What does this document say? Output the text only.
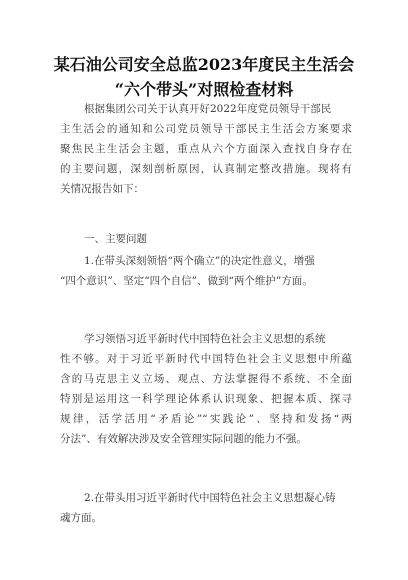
某石油公司安全总监2023年度民主生活会
“六个带头”对照检查材料
根据集团公司关于认真开好2022年度党员领导干部民
主生活会的通知和公司党员领导干部民主生活会方案要求
聚焦民主生活会主题，重点从六个方面深入查找自身存在
的主要问题，深刻剖析原因，认真制定整改措施。现将有
关情况报告如下：
一、主要问题
1.在带头深刻领悟“两个确立”的决定性意义，增强
“四个意识”、坚定“四个自信”、做到“两个维护”方面。
学习领悟习近平新时代中国特色社会主义思想的系统
性不够。对于习近平新时代中国特色社会主义思想中所蕴
含的马克思主义立场、观点、方法掌握得不系统、不全面
特别是运用这一科学理论体系认识现象、把握本质、探寻
规律，活学活用“矛盾论”“实践论”、坚持和发扬“两
分法”、有效解决涉及安全管理实际问题的能力不强。
2.在带头用习近平新时代中国特色社会主义思想凝心铸
魂方面。
